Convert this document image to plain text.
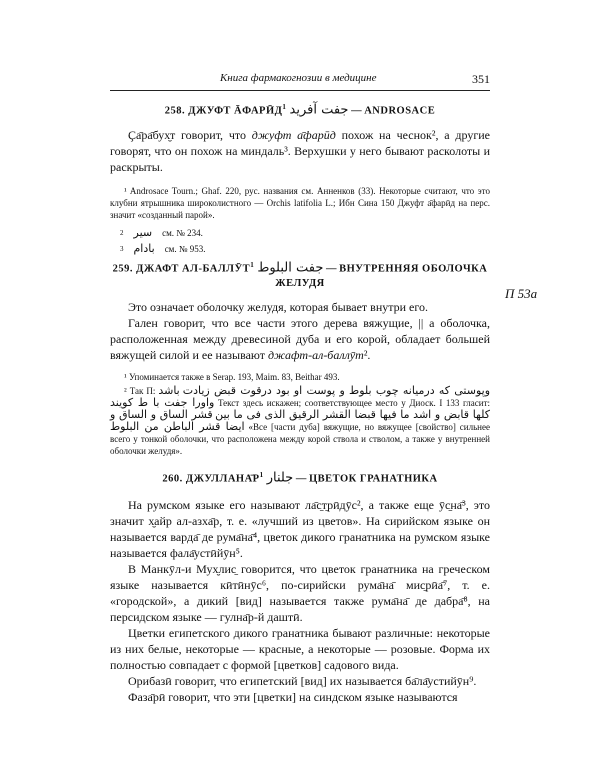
Книга фармакогнозии в медицине	351
П 53а
258. ДЖУФТ ĀФАРӢД$^1$ جفت آفرید — ANDROSACE
Ҫа̄ра̄бух̮т говорит, что джуфт а̄фарӣд похож на чеснок², а другие говорят, что он похож на миндаль³. Верхушки у него бывают расколоты и раскрыты.
¹ Androsace Tourn.; Ghaf. 220, рус. названия см. Анненков (33). Некоторые считают, что это клубни ятрышника широколистного — Orchis latifolia L.; Ибн Сина 150 Джуфт а̄фарӣд на перс. значит «созданный парой».
2 سير см. № 234.
3 بادام см. № 953.
259. ДЖАФТ АЛ-БАЛЛӮТ$^1$ جفت البلوط — ВНУТРЕННЯЯ ОБОЛОЧКА ЖЕЛУДЯ
Это означает оболочку желудя, которая бывает внутри его.
Гален говорит, что все части этого дерева вяжущие, || а оболочка, расположенная между древесиной дуба и его корой, обладает большей вяжущей силой и ее называют джафт-ал-баллӯт².
¹ Упоминается также в Serap. 193, Maim. 83, Beithar 493.
² Так П: وپوستی كه درميانه چوب بلوط و پوست او بود درقوت قبض زيادت باشد واورا جفت با ط كويند Текст здесь искажен; соответствующее место у Диоск. I 133 гласит: كلها قابض و اشد ما فيها قبضا القشر الرقيق الذى فى ما بين قشر الساق و الساق و ايضا قشر الباطن من البلوط «Все [части дуба] вяжущие, но вяжущее [свойство] сильнее всего у тонкой оболочки, что расположена между корой ствола и стволом, а также у внутренней оболочки желудя».
260. $ДЖУЛЛАНА̄Р^1$ جلنار — ЦВЕТОК ГРАНАТНИКА
На румском языке его называют ла̄с̱т̱рӣдӯс², а также еще ӯс̱на̄³, это значит х̮айр ал-азха̄р, т. е. «лучший из цветов». На сирийском языке он называется варда̄ де рума̄на̄⁴, цветок дикого гранатника на румском языке называется фала̄устӣйӯн⁵.
В Манкӯл-и Мух̮лис̱ говорится, что цветок гранатника на греческом языке называется кӣтӣнӯс⁶, по-сирийски рума̄на̄ мис̱рӣа̄⁷, т. е. «городской», а дикий [вид] называется также рума̄на̄ де дабра̄⁸, на персидском языке — гулна̄р-й даштӣ.
Цветки египетского дикого гранатника бывают различные: некоторые из них белые, некоторые — красные, а некоторые — розовые. Форма их полностью совпадает с формой [цветков] садового вида.
Орибазӣ говорит, что египетский [вид] их называется ба̄ла̄устийӯн⁹.
Фаза̄рӣ говорит, что эти [цветки] на синдском языке называются
